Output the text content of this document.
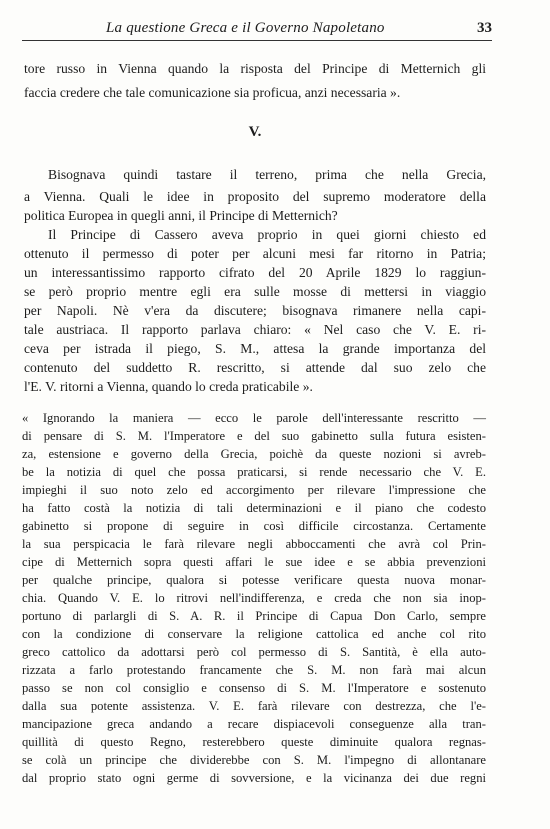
La questione Greca e il Governo Napoletano	33
tore russo in Vienna quando la risposta del Principe di Metternich gli
faccia credere che tale comunicazione sia proficua, anzi necessaria ».
V.
Bisognava quindi tastare il terreno, prima che nella Grecia,
a Vienna. Quali le idee in proposito del supremo moderatore della
politica Europea in quegli anni, il Principe di Metternich?
Il Principe di Cassero aveva proprio in quei giorni chiesto ed
ottenuto il permesso di poter per alcuni mesi far ritorno in Patria;
un interessantissimo rapporto cifrato del 20 Aprile 1829 lo raggiun-
se però proprio mentre egli era sulle mosse di mettersi in viaggio
per Napoli. Nè v'era da discutere; bisognava rimanere nella capi-
tale austriaca. Il rapporto parlava chiaro: « Nel caso che V. E. ri-
ceva per istrada il piego, S. M., attesa la grande importanza del
contenuto del suddetto R. rescritto, si attende dal suo zelo che
l'E. V. ritorni a Vienna, quando lo creda praticabile ».
« Ignorando la maniera — ecco le parole dell'interessante rescritto —
di pensare di S. M. l'Imperatore e del suo gabinetto sulla futura esisten-
za, estensione e governo della Grecia, poichè da queste nozioni si avreb-
be la notizia di quel che possa praticarsi, si rende necessario che V. E.
impieghi il suo noto zelo ed accorgimento per rilevare l'impressione che
ha fatto costà la notizia di tali determinazioni e il piano che codesto
gabinetto si propone di seguire in così difficile circostanza. Certamente
la sua perspicacia le farà rilevare negli abboccamenti che avrà col Prin-
cipe di Metternich sopra questi affari le sue idee e se abbia prevenzioni
per qualche principe, qualora si potesse verificare questa nuova monar-
chia. Quando V. E. lo ritrovi nell'indifferenza, e creda che non sia inop-
portuno di parlargli di S. A. R. il Principe di Capua Don Carlo, sempre
con la condizione di conservare la religione cattolica ed anche col rito
greco cattolico da adottarsi però col permesso di S. Santità, è ella auto-
rizzata a farlo protestando francamente che S. M. non farà mai alcun
passo se non col consiglio e consenso di S. M. l'Imperatore e sostenuto
dalla sua potente assistenza. V. E. farà rilevare con destrezza, che l'e-
mancipazione greca andando a recare dispiacevoli conseguenze alla tran-
quillità di questo Regno, resterebbero queste diminuite qualora regnas-
se colà un principe che dividerebbe con S. M. l'impegno di allontanare
dal proprio stato ogni germe di sovversione, e la vicinanza dei due regni
